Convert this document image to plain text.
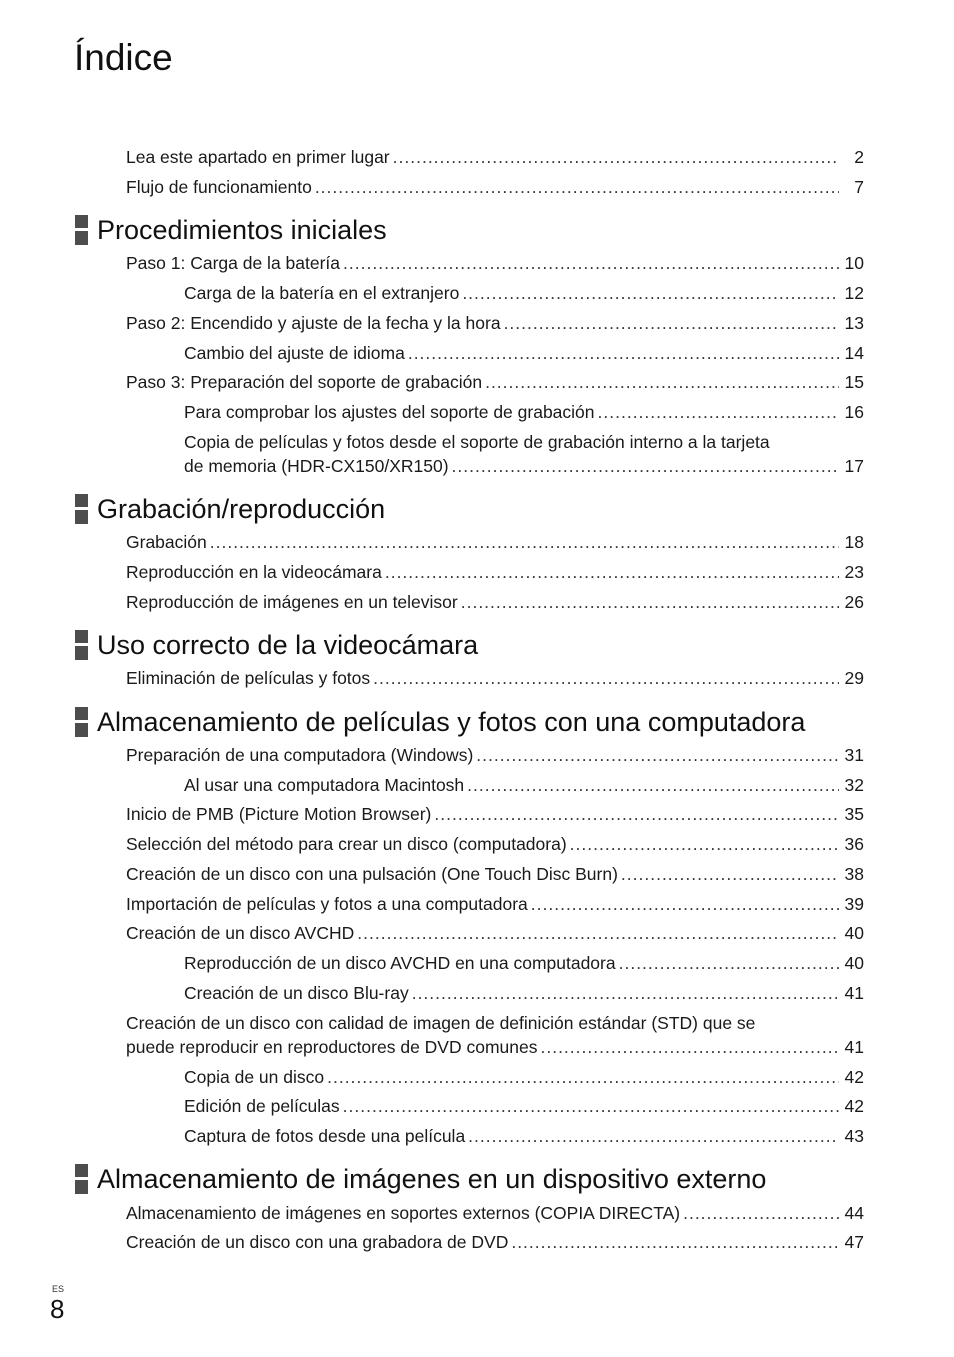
Índice
Lea este apartado en primer lugar .....	2
Flujo de funcionamiento .....	7
Procedimientos iniciales
Paso 1: Carga de la batería .....	10
Carga de la batería en el extranjero .....	12
Paso 2: Encendido y ajuste de la fecha y la hora .....	13
Cambio del ajuste de idioma .....	14
Paso 3: Preparación del soporte de grabación .....	15
Para comprobar los ajustes del soporte de grabación .....	16
Copia de películas y fotos desde el soporte de grabación interno a la tarjeta
de memoria (HDR-CX150/XR150) .....	17
Grabación/reproducción
Grabación .....	18
Reproducción en la videocámara .....	23
Reproducción de imágenes en un televisor .....	26
Uso correcto de la videocámara
Eliminación de películas y fotos .....	29
Almacenamiento de películas y fotos con una computadora
Preparación de una computadora (Windows) .....	31
Al usar una computadora Macintosh .....	32
Inicio de PMB (Picture Motion Browser) .....	35
Selección del método para crear un disco (computadora) .....	36
Creación de un disco con una pulsación (One Touch Disc Burn) .....	38
Importación de películas y fotos a una computadora .....	39
Creación de un disco AVCHD .....	40
Reproducción de un disco AVCHD en una computadora .....	40
Creación de un disco Blu-ray .....	41
Creación de un disco con calidad de imagen de definición estándar (STD) que se
puede reproducir en reproductores de DVD comunes .....	41
Copia de un disco .....	42
Edición de películas .....	42
Captura de fotos desde una película .....	43
Almacenamiento de imágenes en un dispositivo externo
Almacenamiento de imágenes en soportes externos (COPIA DIRECTA) .....	44
Creación de un disco con una grabadora de DVD .....	47
ES
8
